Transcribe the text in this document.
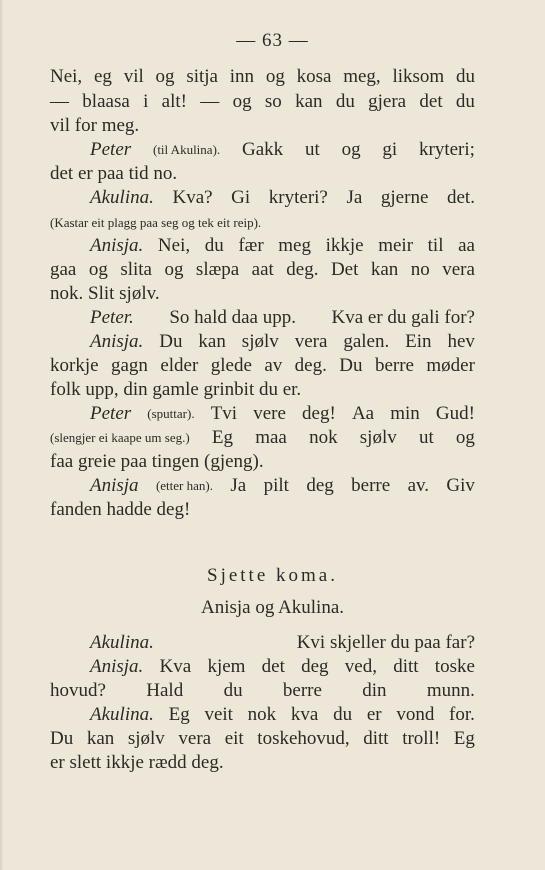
— 63 —
Nei, eg vil og sitja inn og kosa meg, liksom du
— blaasa i alt! — og so kan du gjera det du
vil for meg.
Peter (til Akulina). Gakk ut og gi kryteri;
det er paa tid no.
Akulina. Kva? Gi kryteri? Ja gjerne det.
(Kastar eit plagg paa seg og tek eit reip).
Anisja. Nei, du fær meg ikkje meir til aa
gaa og slita og slæpa aat deg. Det kan no vera
nok. Slit sjølv.
Peter. So hald daa upp. Kva er du gali for?
Anisja. Du kan sjølv vera galen. Ein hev
korkje gagn elder glede av deg. Du berre møder
folk upp, din gamle grinbit du er.
Peter (sputtar). Tvi vere deg! Aa min Gud!
(slengjer ei kaape um seg.) Eg maa nok sjølv ut og
faa greie paa tingen (gjeng).
Anisja (etter han). Ja pilt deg berre av. Giv
fanden hadde deg!
Akulina.	Kvi skjeller du paa far?
Anisja. Kva kjem det deg ved, ditt toske
hovud? Hald du berre din munn.
Akulina. Eg veit nok kva du er vond for.
Du kan sjølv vera eit toskehovud, ditt troll! Eg
er slett ikkje rædd deg.
Sjette koma.
Anisja og Akulina.
